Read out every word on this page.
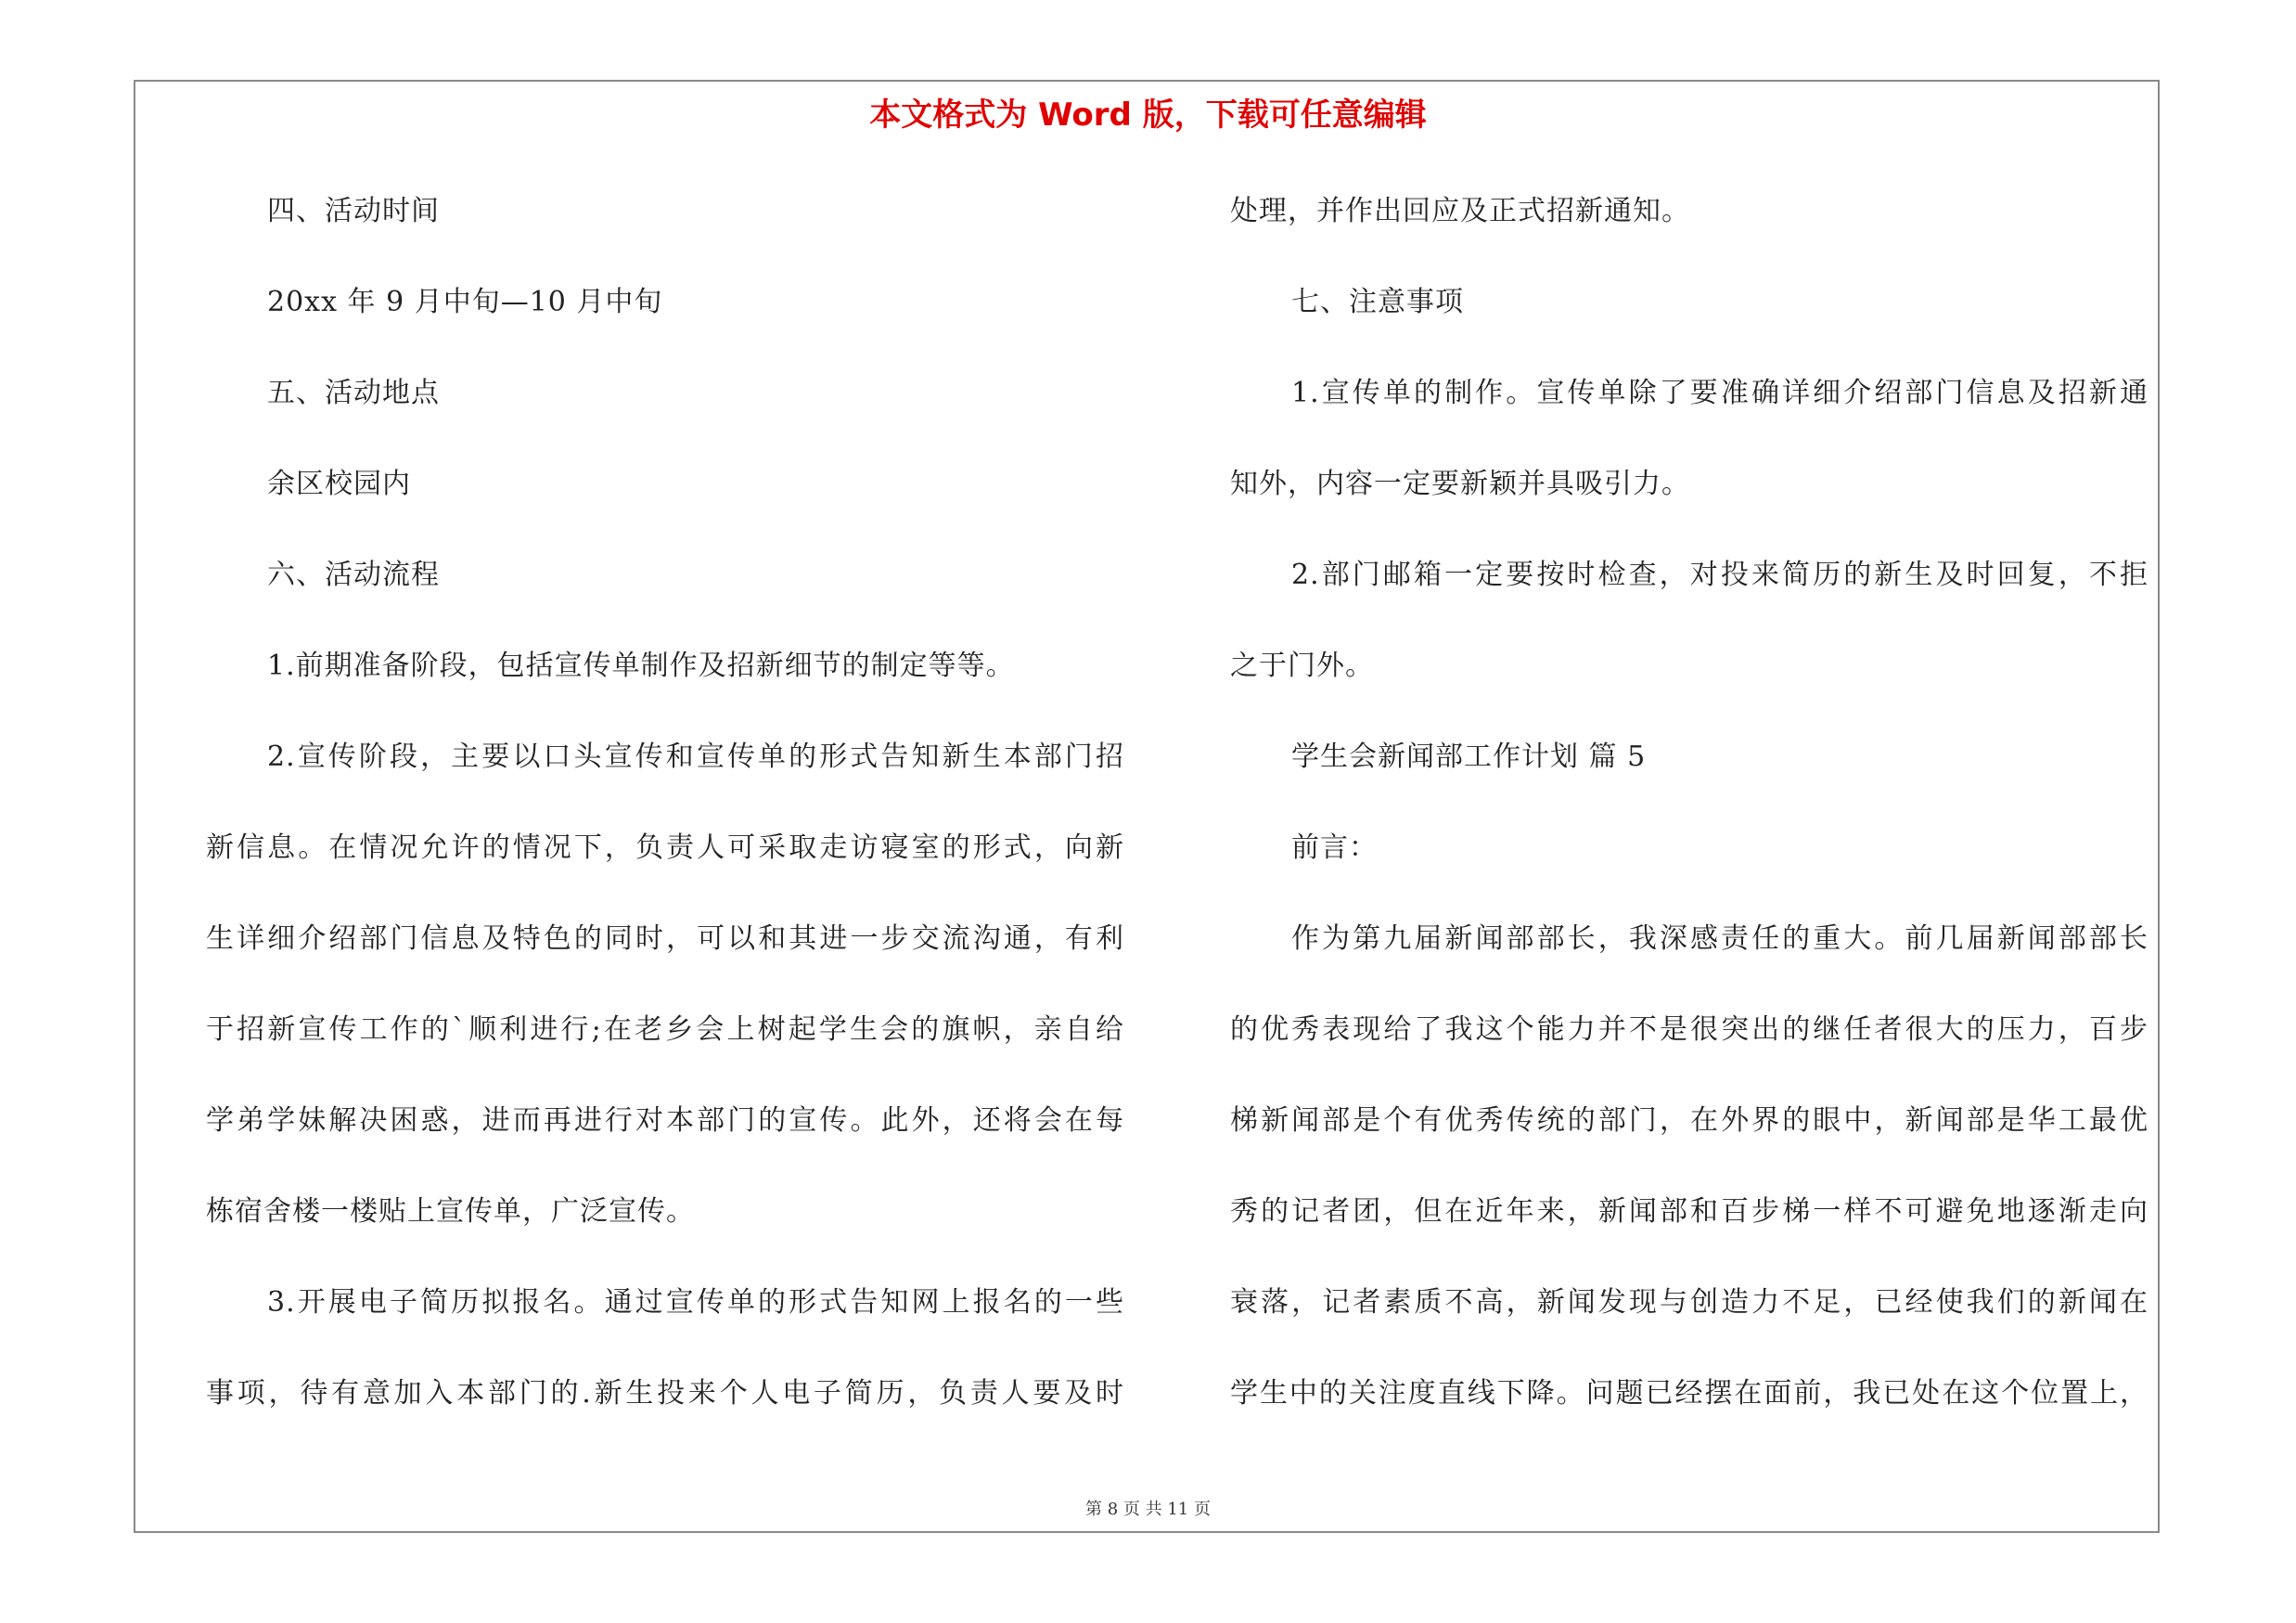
本文格式为 Word 版，下载可任意编辑
四、活动时间
20xx 年 9 月中旬—10 月中旬
五、活动地点
余区校园内
六、活动流程
1.前期准备阶段，包括宣传单制作及招新细节的制定等等。
2.宣传阶段，主要以口头宣传和宣传单的形式告知新生本部门招
新信息。在情况允许的情况下，负责人可采取走访寝室的形式，向新
生详细介绍部门信息及特色的同时，可以和其进一步交流沟通，有利
于招新宣传工作的`顺利进行;在老乡会上树起学生会的旗帜，亲自给
学弟学妹解决困惑，进而再进行对本部门的宣传。此外，还将会在每
栋宿舍楼一楼贴上宣传单，广泛宣传。
3.开展电子简历拟报名。通过宣传单的形式告知网上报名的一些
事项，待有意加入本部门的.新生投来个人电子简历，负责人要及时
处理，并作出回应及正式招新通知。
七、注意事项
1.宣传单的制作。宣传单除了要准确详细介绍部门信息及招新通
知外，内容一定要新颖并具吸引力。
2.部门邮箱一定要按时检查，对投来简历的新生及时回复，不拒
之于门外。
学生会新闻部工作计划 篇 5
前言：
作为第九届新闻部部长，我深感责任的重大。前几届新闻部部长
的优秀表现给了我这个能力并不是很突出的继任者很大的压力，百步
梯新闻部是个有优秀传统的部门，在外界的眼中，新闻部是华工最优
秀的记者团，但在近年来，新闻部和百步梯一样不可避免地逐渐走向
衰落，记者素质不高，新闻发现与创造力不足，已经使我们的新闻在
学生中的关注度直线下降。问题已经摆在面前，我已处在这个位置上，
第 8 页 共 11 页
